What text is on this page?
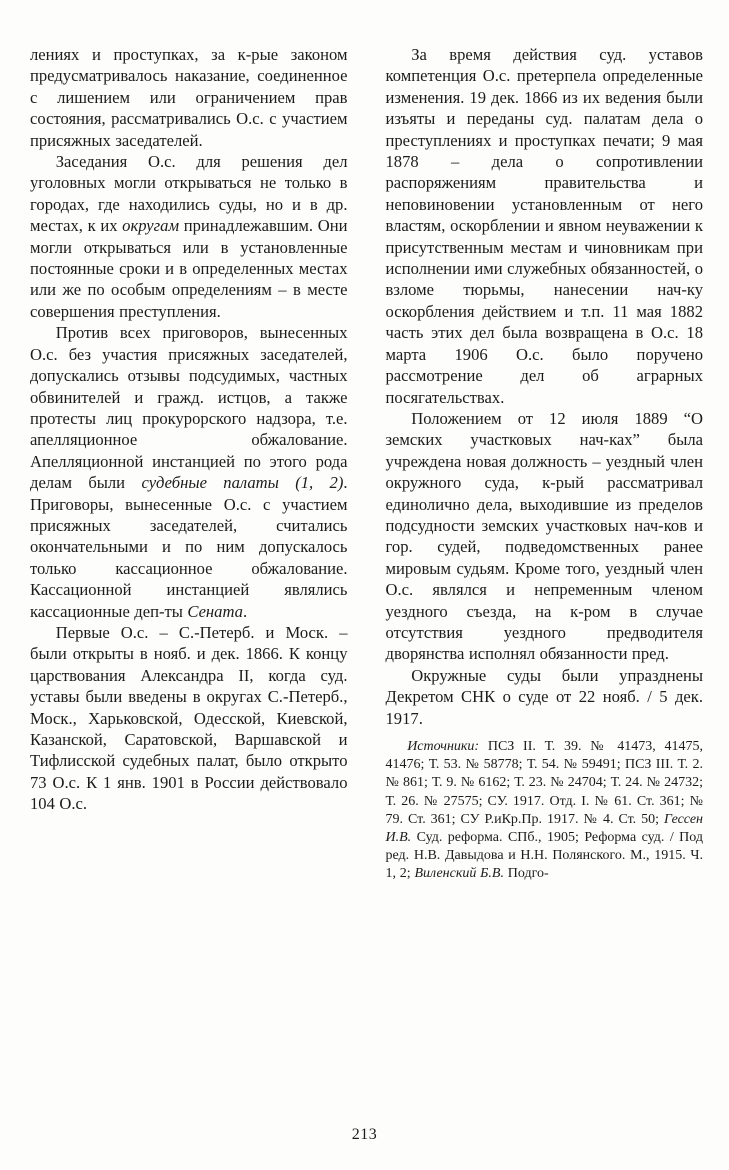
лениях и проступках, за к-рые законом предусматривалось наказание, соединенное с лишением или ограничением прав состояния, рассматривались О.с. с участием присяжных заседателей.

Заседания О.с. для решения дел уголовных могли открываться не только в городах, где находились суды, но и в др. местах, к их округам принадлежавшим. Они могли открываться или в установленные постоянные сроки и в определенных местах или же по особым определениям – в месте совершения преступления.

Против всех приговоров, вынесенных О.с. без участия присяжных заседателей, допускались отзывы подсудимых, частных обвинителей и гражд. истцов, а также протесты лиц прокурорского надзора, т.е. апелляционное обжалование. Апелляционной инстанцией по этого рода делам были судебные палаты (1, 2). Приговоры, вынесенные О.с. с участием присяжных заседателей, считались окончательными и по ним допускалось только кассационное обжалование. Кассационной инстанцией являлись кассационные деп-ты Сената.

Первые О.с. – С.-Петерб. и Моск. – были открыты в нояб. и дек. 1866. К концу царствования Александра II, когда суд. уставы были введены в округах С.-Петерб., Моск., Харьковской, Одесской, Киевской, Казанской, Саратовской, Варшавской и Тифлисской судебных палат, было открыто 73 О.с. К 1 янв. 1901 в России действовало 104 О.с.

За время действия суд. уставов компетенция О.с. претерпела определенные изменения. 19 дек. 1866 из их ведения были изъяты и переданы суд. палатам дела о преступлениях и проступках печати; 9 мая 1878 – дела о сопротивлении распоряжениям правительства и неповиновении установленным от него властям, оскорблении и явном неуважении к присутственным местам и чиновникам при исполнении ими служебных обязанностей, о взломе тюрьмы, нанесении нач-ку оскорбления действием и т.п. 11 мая 1882 часть этих дел была возвращена в О.с. 18 марта 1906 О.с. было поручено рассмотрение дел об аграрных посягательствах.

Положением от 12 июля 1889 “О земских участковых нач-ках” была учреждена новая должность – уездный член окружного суда, к-рый рассматривал единолично дела, выходившие из пределов подсудности земских участковых нач-ков и гор. судей, подведомственных ранее мировым судьям. Кроме того, уездный член О.с. являлся и непременным членом уездного съезда, на к-ром в случае отсутствия уездного предводителя дворянства исполнял обязанности пред.

Окружные суды были упразднены Декретом СНК о суде от 22 нояб. / 5 дек. 1917.

Источники: ПСЗ II. Т. 39. № 41473, 41475, 41476; Т. 53. № 58778; Т. 54. № 59491; ПСЗ III. Т. 2. № 861; Т. 9. № 6162; Т. 23. № 24704; Т. 24. № 24732; Т. 26. № 27575; СУ. 1917. Отд. I. № 61. Ст. 361; № 79. Ст. 361; СУ Р.иКр.Пр. 1917. № 4. Ст. 50; Гессен И.В. Суд. реформа. СПб., 1905; Реформа суд. / Под ред. Н.В. Давыдова и Н.Н. Полянского. М., 1915. Ч. 1, 2; Виленский Б.В. Подго-

213
